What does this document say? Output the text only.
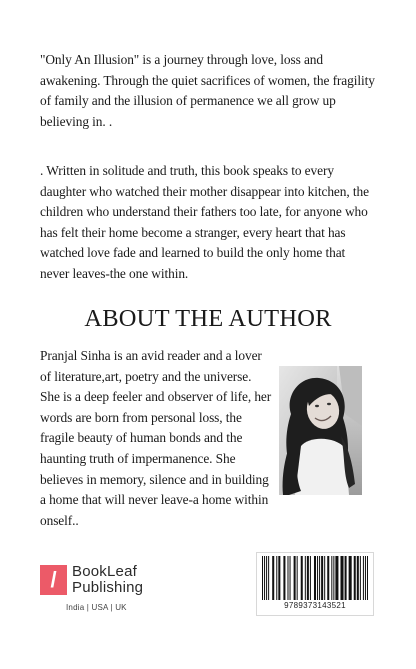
"Only An Illusion" is a journey through love, loss and awakening. Through the quiet sacrifices of women, the fragility of family and the illusion of permanence we all grow up believing in. .

. Written in solitude and truth, this book speaks to every daughter who watched their mother disappear into kitchen, the children who understand their fathers too late, for anyone who has felt their home become a stranger, every heart that has watched love fade and learned to build the only home that never leaves-the one within.

ABOUT THE AUTHOR

Pranjal Sinha is an avid reader and a lover of literature,art, poetry and the universe. She is a deep feeler and observer of life, her words are born from personal loss, the fragile beauty of human bonds and the haunting truth of impermanence. She believes in memory, silence and in building a home that will never leave-a home within onself..

/	BookLeaf
Publishing
India | USA | UK	9789373143521
